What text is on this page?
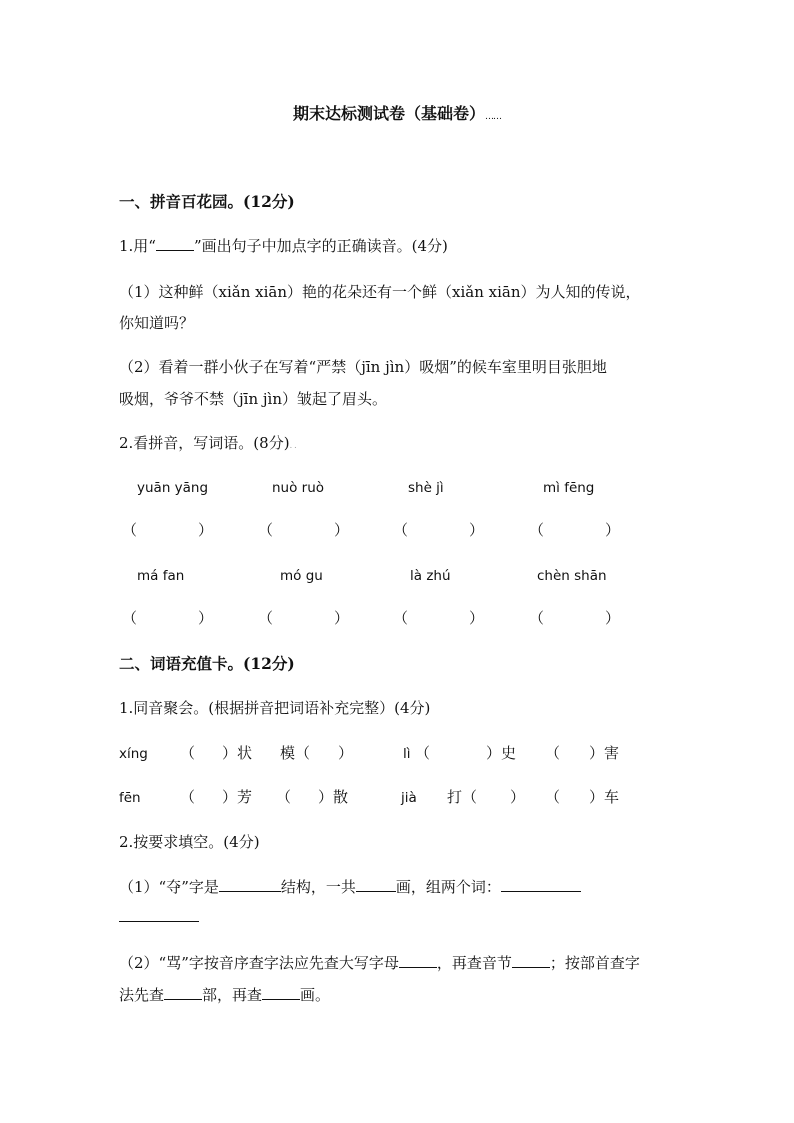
期末达标测试卷（基础卷）……
一、拼音百花园。(12分)
1.用“	”画出句子中加点字的正确读音。(4分)
（1）这种鲜（xiǎn xiān）艳的花朵还有一个鲜（xiǎn xiān）为人知的传说，
你知道吗？
（2）看着一群小伙子在写着“严禁（jīn jìn）吸烟”的候车室里明目张胆地
吸烟，爷爷不禁（jīn jìn）皱起了眉头。
2.看拼音，写词语。(8分)..
yuān yāng	nuò ruò	shè jì	mì fēng
（	）	（	）	（	）	（	）
má fan	mó gu	là zhú	chèn shān
（	）	（	）	（	）	（	）
二、词语充值卡。(12分)
1.同音聚会。(根据拼音把词语补充完整）(4分)
xíng （ ）状 模（ ）	lì （	）史 （ ）害
fēn	（ ）芳 （ ）散	jià 打（ ） （ ）车
2.按要求填空。(4分)
（1）“夺”字是	结构，一共	画，组两个词：
（2）“骂”字按音序查字法应先查大写字母	，再查音节	；按部首查字
法先查	部，再查	画。
